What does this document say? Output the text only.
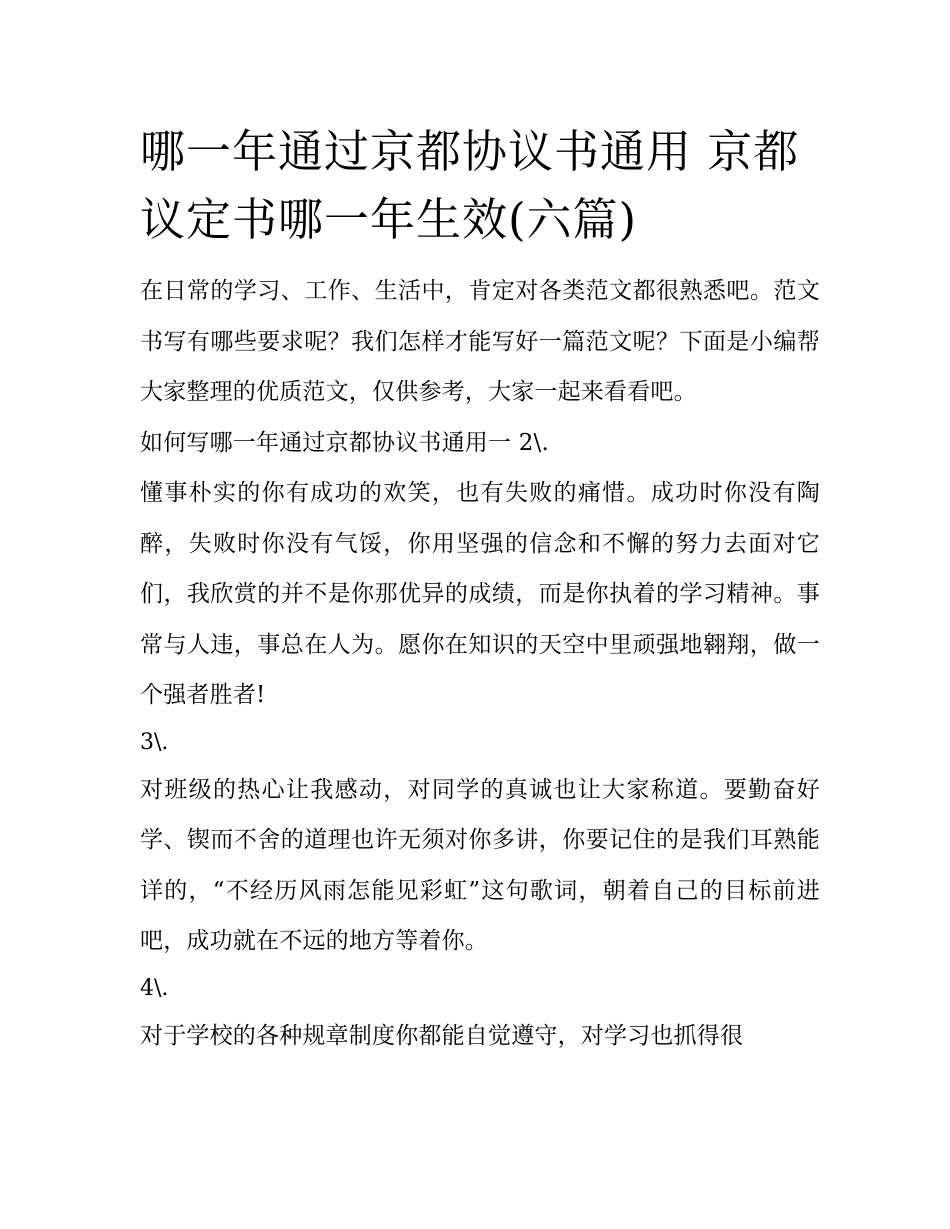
哪一年通过京都协议书通用 京都议定书哪一年生效(六篇)

在日常的学习、工作、生活中，肯定对各类范文都很熟悉吧。范文书写有哪些要求呢？我们怎样才能写好一篇范文呢？下面是小编帮大家整理的优质范文，仅供参考，大家一起来看看吧。

如何写哪一年通过京都协议书通用一 2\.

懂事朴实的你有成功的欢笑，也有失败的痛惜。成功时你没有陶醉，失败时你没有气馁，你用坚强的信念和不懈的努力去面对它们，我欣赏的并不是你那优异的成绩，而是你执着的学习精神。事常与人违，事总在人为。愿你在知识的天空中里顽强地翱翔，做一个强者胜者!

3\.

对班级的热心让我感动，对同学的真诚也让大家称道。要勤奋好学、锲而不舍的道理也许无须对你多讲，你要记住的是我们耳熟能详的，“不经历风雨怎能见彩虹”这句歌词，朝着自己的目标前进吧，成功就在不远的地方等着你。

4\.

对于学校的各种规章制度你都能自觉遵守，对学习也抓得很
